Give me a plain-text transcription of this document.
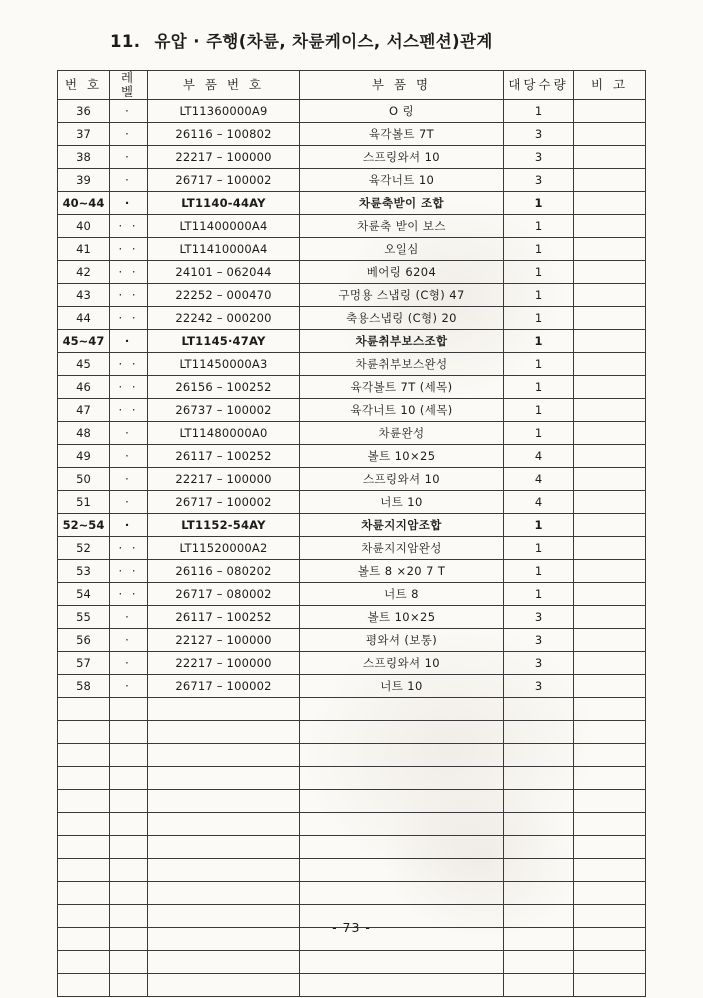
11. 유압 · 주행(차륜, 차륜케이스, 서스펜션)관계
번 호	레 벨	부 품 번 호	부 품 명	대당수량	비 고
36	·	LT11360000A9	O 링	1	
37	·	26116 – 100802	육각볼트 7T	3	
38	·	22217 – 100000	스프링와셔 10	3	
39	·	26717 – 100002	육각너트 10	3	
40~44	·	LT1140-44AY	차륜축받이 조합	1	
40	· ·	LT11400000A4	차륜축 받이 보스	1	
41	· ·	LT11410000A4	오일심	1	
42	· ·	24101 – 062044	베어링 6204	1	
43	· ·	22252 – 000470	구멍용 스냅링 (C형) 47	1	
44	· ·	22242 – 000200	축용스냅링 (C형) 20	1	
45~47	·	LT1145·47AY	차륜취부보스조합	1	
45	· ·	LT11450000A3	차륜취부보스완성	1	
46	· ·	26156 – 100252	육각볼트 7T (세목)	1	
47	· ·	26737 – 100002	육각너트 10 (세목)	1	
48	·	LT11480000A0	차륜완성	1	
49	·	26117 – 100252	볼트 10×25	4	
50	·	22217 – 100000	스프링와셔 10	4	
51	·	26717 – 100002	너트 10	4	
52~54	·	LT1152-54AY	차륜지지암조합	1	
52	· ·	LT11520000A2	차륜지지암완성	1	
53	· ·	26116 – 080202	볼트 8 ×20 7 T	1	
54	· ·	26717 – 080002	너트 8	1	
55	·	26117 – 100252	볼트 10×25	3	
56	·	22127 – 100000	평와셔 (보통)	3	
57	·	22217 – 100000	스프링와셔 10	3	
58	·	26717 – 100002	너트 10	3	

- 73 -
